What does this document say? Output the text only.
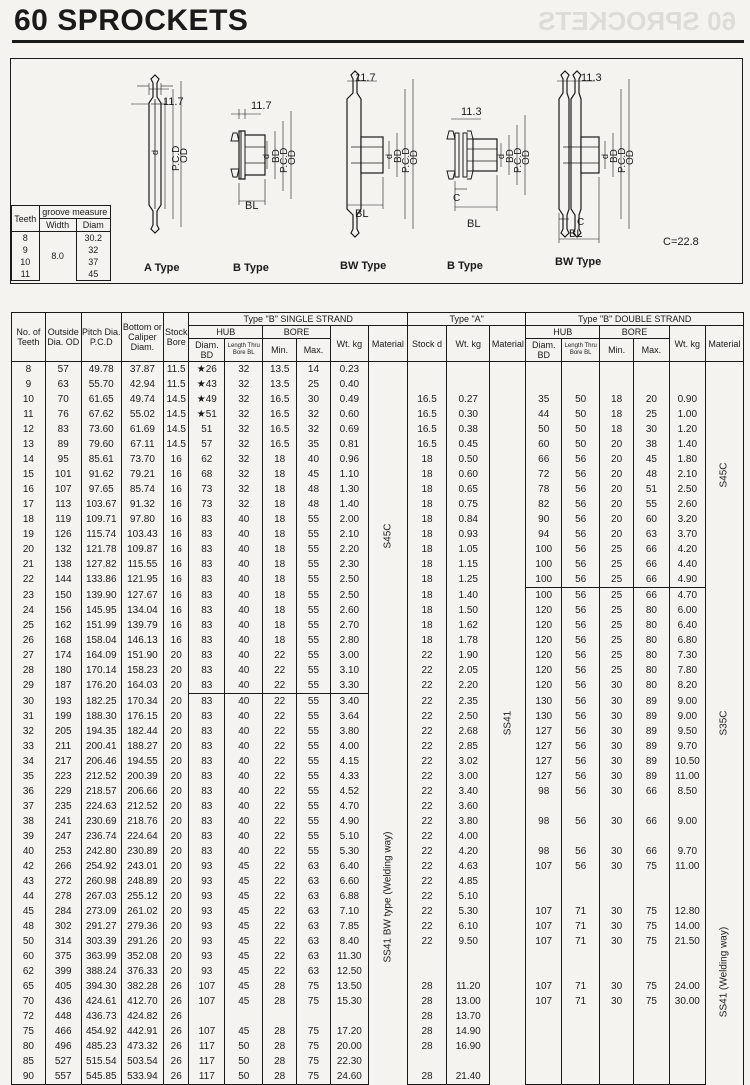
60 SPROCKETS	60 SPROCKETS
Teeth	groove measure	
	Width	Diam
8	8.0	30.2
9		32
10		37
11		45
11.7
d P.C.D
OD
A Type
11.7
BL
d BD
P.C.D
OD
B Type
11.7
BL
d BD
P.C.D
OD
BW Type
11.3
C
BL
d BD
P.C.D
OD
B Type
11.3
C
BL
d BD
P.C.D
OD
BW Type
C=22.8
No. of Teeth	Outside Dia. OD	Pitch Dia. P.C.D	Bottom or Caliper Diam.	Stock Bore	Type "B" SINGLE STRAND						Type "A"			Type "B" DOUBLE STRAND					
					HUB		BORE		Wt. kg	Material	Stock d	Wt. kg	Material	HUB		BORE		Wt. kg	Material
					Diam. BD	Length Thru Bore BL	Min.	Max.						Diam. BD	Length Thru Bore BL	Min.	Max.		
8	57	49.78	37.87	11.5	★26	32	13.5	14	0.23	S45C			SS41						S45C

9	63	55.70	42.94	11.5	★43	32	13.5	25	0.40										
10	70	61.65	49.74	14.5	★49	32	16.5	30	0.49		16.5	0.27		35	50	18	20	0.90	
11	76	67.62	55.02	14.5	★51	32	16.5	32	0.60		16.5	0.30		44	50	18	25	1.00	
12	83	73.60	61.69	14.5	51	32	16.5	32	0.69		16.5	0.38		50	50	18	30	1.20	
13	89	79.60	67.11	14.5	57	32	16.5	35	0.81		16.5	0.45		60	50	20	38	1.40	
14	95	85.61	73.70	16	62	32	18	40	0.96		18	0.50		66	56	20	45	1.80	
15	101	91.62	79.21	16	68	32	18	45	1.10		18	0.60		72	56	20	48	2.10	
16	107	97.65	85.74	16	73	32	18	48	1.30		18	0.65		78	56	20	51	2.50	
17	113	103.67	91.32	16	73	32	18	48	1.40		18	0.75		82	56	20	55	2.60	
18	119	109.71	97.80	16	83	40	18	55	2.00		18	0.84		90	56	20	60	3.20	
19	126	115.74	103.43	16	83	40	18	55	2.10		18	0.93		94	56	20	63	3.70	
20	132	121.78	109.87	16	83	40	18	55	2.20		18	1.05		100	56	25	66	4.20	
21	138	127.82	115.55	16	83	40	18	55	2.30		18	1.15		100	56	25	66	4.40	
22	144	133.86	121.95	16	83	40	18	55	2.50		18	1.25		100	56	25	66	4.90	
23	150	139.90	127.67	16	83	40	18	55	2.50		18	1.40		100	56	25	66	4.70	S35C

24	156	145.95	134.04	16	83	40	18	55	2.60		18	1.50		120	56	25	80	6.00	
25	162	151.99	139.79	16	83	40	18	55	2.70		18	1.62		120	56	25	80	6.40	
26	168	158.04	146.13	16	83	40	18	55	2.80		18	1.78		120	56	25	80	6.80	
27	174	164.09	151.90	20	83	40	22	55	3.00		22	1.90		120	56	25	80	7.30	
28	180	170.14	158.23	20	83	40	22	55	3.10		22	2.05		120	56	25	80	7.80	
29	187	176.20	164.03	20	83	40	22	55	3.30		22	2.20		120	56	30	80	8.20	
30	193	182.25	170.34	20	83	40	22	55	3.40		22	2.35		130	56	30	89	9.00	
31	199	188.30	176.15	20	83	40	22	55	3.64	SS41 BW type (Welding way)	22	2.50		130	56	30	89	9.00	
32	205	194.35	182.44	20	83	40	22	55	3.80		22	2.68		127	56	30	89	9.50	
33	211	200.41	188.27	20	83	40	22	55	4.00		22	2.85		127	56	30	89	9.70	
34	217	206.46	194.55	20	83	40	22	55	4.15		22	3.02		127	56	30	89	10.50	
35	223	212.52	200.39	20	83	40	22	55	4.33		22	3.00		127	56	30	89	11.00	
36	229	218.57	206.66	20	83	40	22	55	4.52		22	3.40		98	56	30	66	8.50	
37	235	224.63	212.52	20	83	40	22	55	4.70		22	3.60							
38	241	230.69	218.76	20	83	40	22	55	4.90		22	3.80		98	56	30	66	9.00	
39	247	236.74	224.64	20	83	40	22	55	5.10		22	4.00							
40	253	242.80	230.89	20	83	40	22	55	5.30		22	4.20		98	56	30	66	9.70	
42	266	254.92	243.01	20	93	45	22	63	6.40		22	4.63		107	56	30	75	11.00	SS41 (Welding way)

43	272	260.98	248.89	20	93	45	22	63	6.60		22	4.85							
44	278	267.03	255.12	20	93	45	22	63	6.88		22	5.10							
45	284	273.09	261.02	20	93	45	22	63	7.10		22	5.30		107	71	30	75	12.80	
48	302	291.27	279.36	20	93	45	22	63	7.85		22	6.10		107	71	30	75	14.00	
50	314	303.39	291.26	20	93	45	22	63	8.40		22	9.50		107	71	30	75	21.50	
60	375	363.99	352.08	20	93	45	22	63	11.30										
62	399	388.24	376.33	20	93	45	22	63	12.50										
65	405	394.30	382.28	26	107	45	28	75	13.50		28	11.20		107	71	30	75	24.00	
70	436	424.61	412.70	26	107	45	28	75	15.30		28	13.00		107	71	30	75	30.00	
72	448	436.73	424.82	26							28	13.70							
75	466	454.92	442.91	26	107	45	28	75	17.20		28	14.90							
80	496	485.23	473.32	26	117	50	28	75	20.00		28	16.90							
85	527	515.54	503.54	26	117	50	28	75	22.30										
90	557	545.85	533.94	26	117	50	28	75	24.60		28	21.40							
